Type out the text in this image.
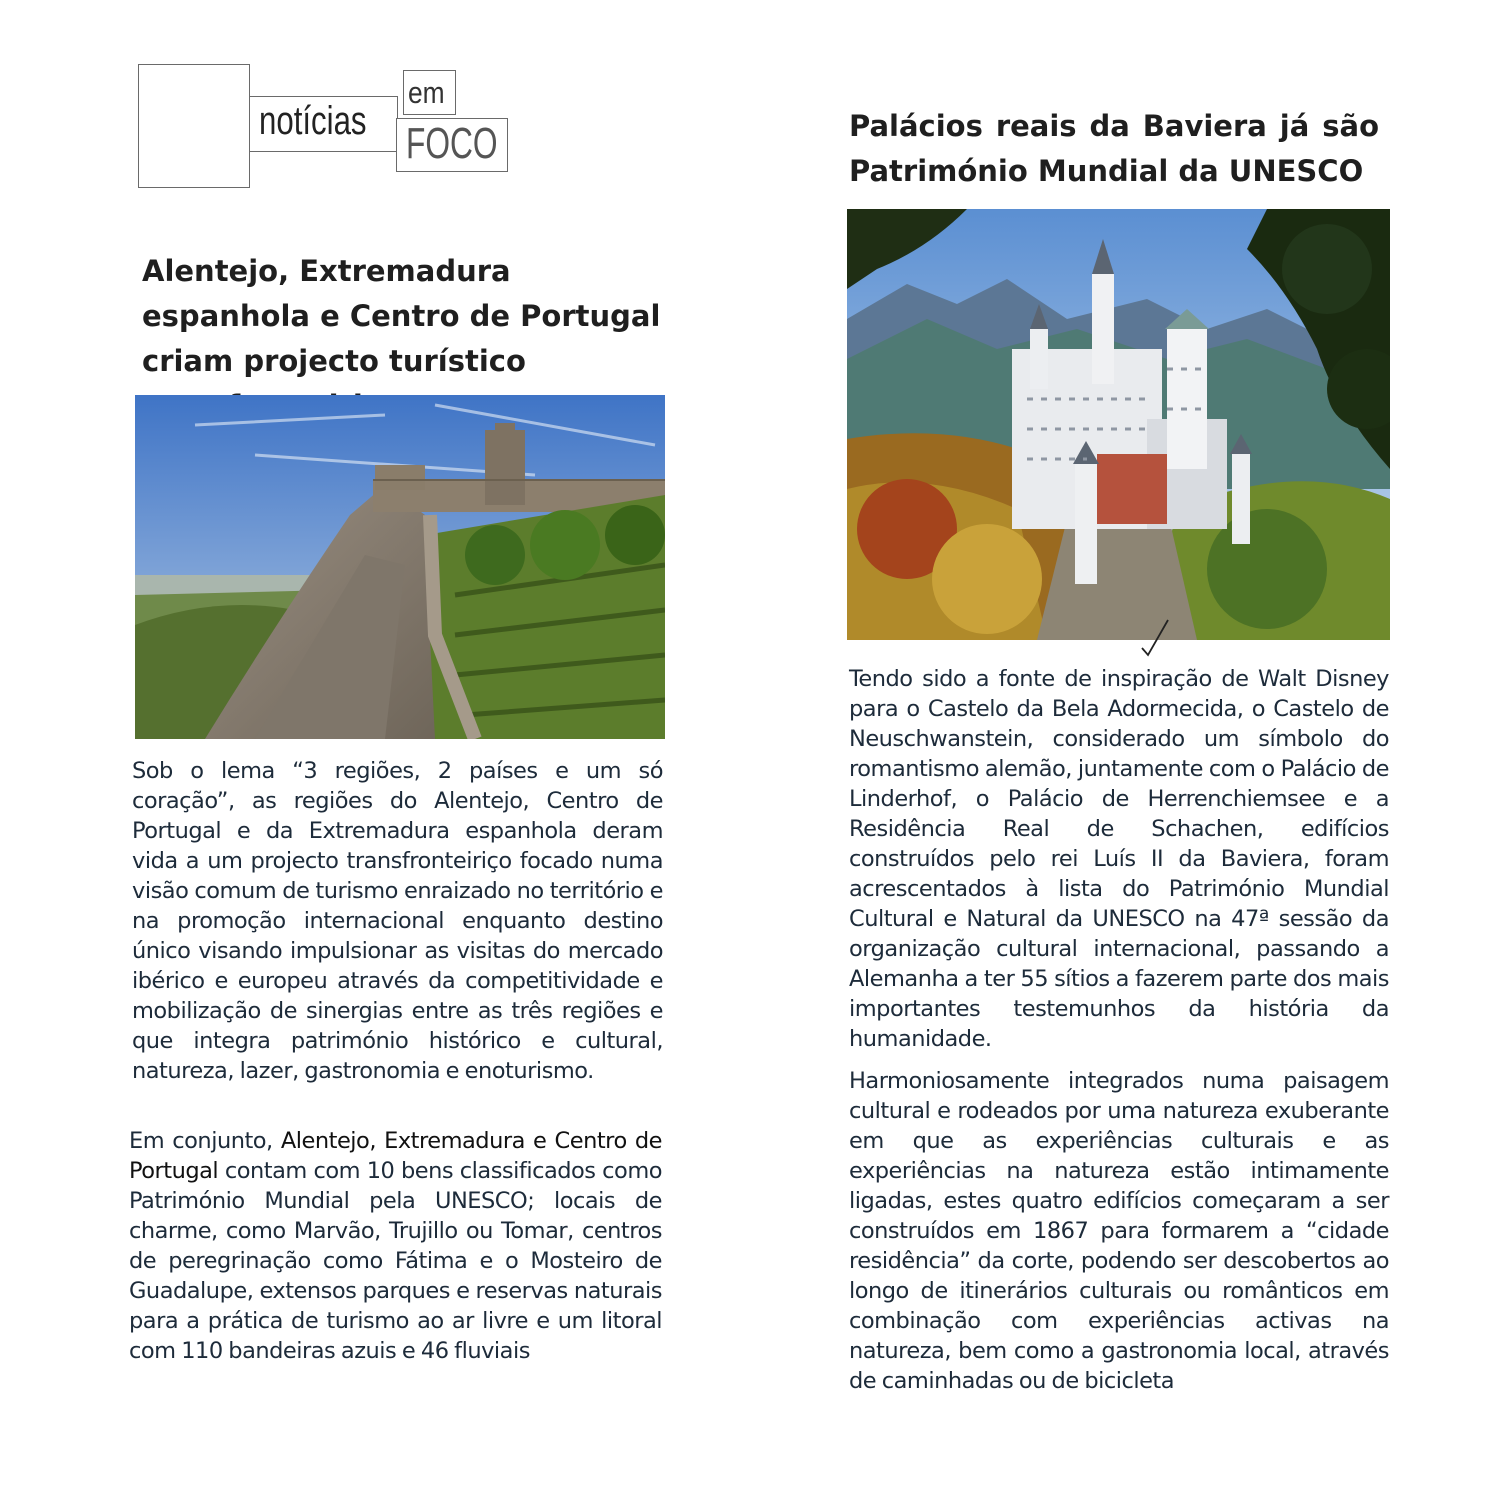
notícias
em
FOCO
Alentejo, Extremadura espanhola e Centro de Portugal criam projecto turístico

Sob o lema “3 regiões, 2 países e um só coração”, as regiões do Alentejo, Centro de Portugal e da Extremadura espanhola deram vida a um projecto transfronteiriço focado numa visão comum de turismo enraizado no território e na promoção internacional enquanto destino único visando impulsionar as visitas do mercado ibérico e europeu através da competitividade e mobilização de sinergias entre as três regiões e que integra património histórico e cultural, natureza, lazer, gastronomia e enoturismo.

Em conjunto, Alentejo, Extremadura e Centro de Portugal contam com 10 bens classificados como Património Mundial pela UNESCO; locais de charme, como Marvão, Trujillo ou Tomar, centros de peregrinação como Fátima e o Mosteiro de Guadalupe, extensos parques e reservas naturais para a prática de turismo ao ar livre e um litoral com 110 bandeiras azuis e 46 fluviais

Palácios reais da Baviera já são Património Mundial da UNESCO

Tendo sido a fonte de inspiração de Walt Disney para o Castelo da Bela Adormecida, o Castelo de Neuschwanstein, considerado um símbolo do romantismo alemão, juntamente com o Palácio de Linderhof, o Palácio de Herrenchiemsee e a Residência Real de Schachen, edifícios construídos pelo rei Luís II da Baviera, foram acrescentados à lista do Património Mundial Cultural e Natural da UNESCO na 47ª sessão da organização cultural internacional, passando a Alemanha a ter 55 sítios a fazerem parte dos mais importantes testemunhos da história da humanidade.

Harmoniosamente integrados numa paisagem cultural e rodeados por uma natureza exuberante em que as experiências culturais e as experiências na natureza estão intimamente ligadas, estes quatro edifícios começaram a ser construídos em 1867 para formarem a “cidade residência” da corte, podendo ser descobertos ao longo de itinerários culturais ou românticos em combinação com experiências activas na natureza, bem como a gastronomia local, através de caminhadas ou de bicicleta
